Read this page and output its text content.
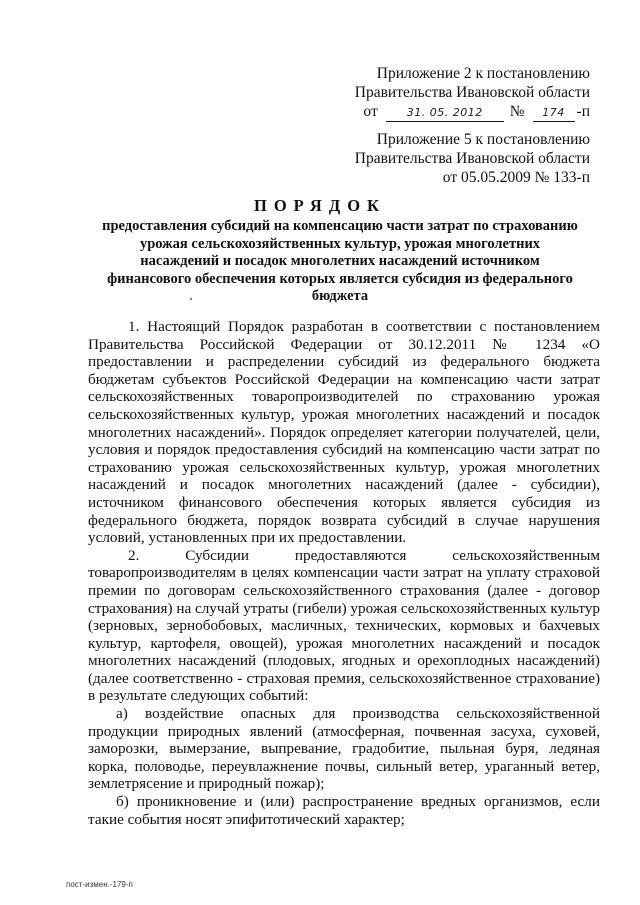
Приложение 2 к постановлению
Правительства Ивановской области
от	31. 05. 2012	№	174 -п
Приложение 5 к постановлению
Правительства Ивановской области
от 05.05.2009 № 133-п
ПОРЯДОК
предоставления субсидий на компенсацию части затрат по страхованию урожая сельскохозяйственных культур, урожая многолетних насаждений и посадок многолетних насаждений источником финансового обеспечения которых является субсидия из федерального бюджета

1. Настоящий Порядок разработан в соответствии с постановлением Правительства Российской Федерации от 30.12.2011 № 1234 «О предоставлении и распределении субсидий из федерального бюджета бюджетам субъектов Российской Федерации на компенсацию части затрат сельскохозяйственных товаропроизводителей по страхованию урожая сельскохозяйственных культур, урожая многолетних насаждений и посадок многолетних насаждений». Порядок определяет категории получателей, цели, условия и порядок предоставления субсидий на компенсацию части затрат по страхованию урожая сельскохозяйственных культур, урожая многолетних насаждений и посадок многолетних насаждений (далее - субсидии), источником финансового обеспечения которых является субсидия из федерального бюджета, порядок возврата субсидий в случае нарушения условий, установленных при их предоставлении.

2. Субсидии предоставляются сельскохозяйственным товаропроизводителям в целях компенсации части затрат на уплату страховой премии по договорам сельскохозяйственного страхования (далее - договор страхования) на случай утраты (гибели) урожая сельскохозяйственных культур (зерновых, зернобобовых, масличных, технических, кормовых и бахчевых культур, картофеля, овощей), урожая многолетних насаждений и посадок многолетних насаждений (плодовых, ягодных и орехоплодных насаждений) (далее соответственно - страховая премия, сельскохозяйственное страхование) в результате следующих событий:

а) воздействие опасных для производства сельскохозяйственной продукции природных явлений (атмосферная, почвенная засуха, суховей, заморозки, вымерзание, выпревание, градобитие, пыльная буря, ледяная корка, половодье, переувлажнение почвы, сильный ветер, ураганный ветер, землетрясение и природный пожар);

б) проникновение и (или) распространение вредных организмов, если такие события носят эпифитотический характер;

пост-измен.-179-п
